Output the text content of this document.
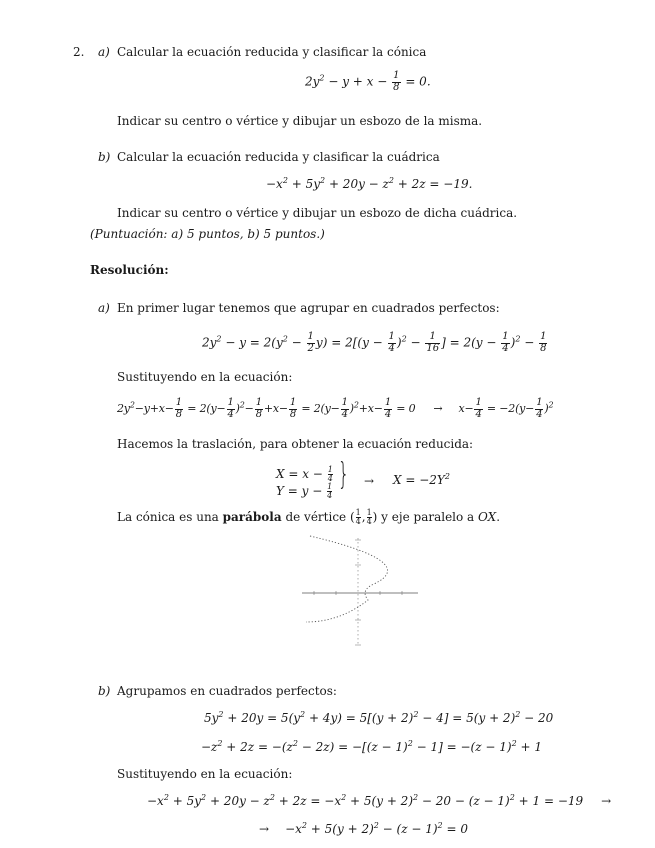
2. a) Calcular la ecuación reducida y clasificar la cónica
$2y^2 - y + x - \frac{1}{8} = 0$.
Indicar su centro o vértice y dibujar un esbozo de la misma.
b) Calcular la ecuación reducida y clasificar la cuádrica
$-x^2 + 5y^2 + 20y - z^2 + 2z = -19$.
Indicar su centro o vértice y dibujar un esbozo de dicha cuádrica.
(Puntuación: a) 5 puntos, b) 5 puntos.)
Resolución:
a) En primer lugar tenemos que agrupar en cuadrados perfectos:
$2y^2 - y = 2(y^2 - \frac{1}{2} y) = 2[(y - \frac{1}{4} )^2 - \frac{1}{16}$ ] = $2(y - \frac{1}{4} )^2 - \frac{1}{8}$
Sustituyendo en la ecuación:
$2y^2-y+x- \frac{1}{8} = 2(y- \frac{1}{4} )^2- \frac{1}{8} +x- \frac{1}{8} = 2(y- \frac{1}{4} )^2+x- \frac{1}{4} = 0 \to x- \frac{1}{4} = -2(y- \frac{1}{4} )^2$
Hacemos la traslación, para obtener la ecuación reducida:
$X = x - \frac{1}{4}$
$Y = y - \frac{1}{4}$ }	→ $X = -2Y^2$
La cónica es una parábola de vértice ( $\frac{1}{4}$, $\frac{1}{4}$) y eje paralelo a OX.
b) Agrupamos en cuadrados perfectos:
$5y^2 + 20y = 5(y^2 + 4y) = 5[(y + 2)^2 - 4] = 5(y + 2)^2 - 20$
$-z^2 + 2z = -(z^2 - 2z) = -[(z - 1)^2 - 1] = -(z - 1)^2 + 1$
Sustituyendo en la ecuación:
$-x^2 + 5y^2 + 20y - z^2 + 2z = -x^2 + 5(y + 2)^2 - 20 - (z - 1)^2 + 1 = -19$ →
→ $-x^2 + 5(y + 2)^2 - (z - 1)^2 = 0$
